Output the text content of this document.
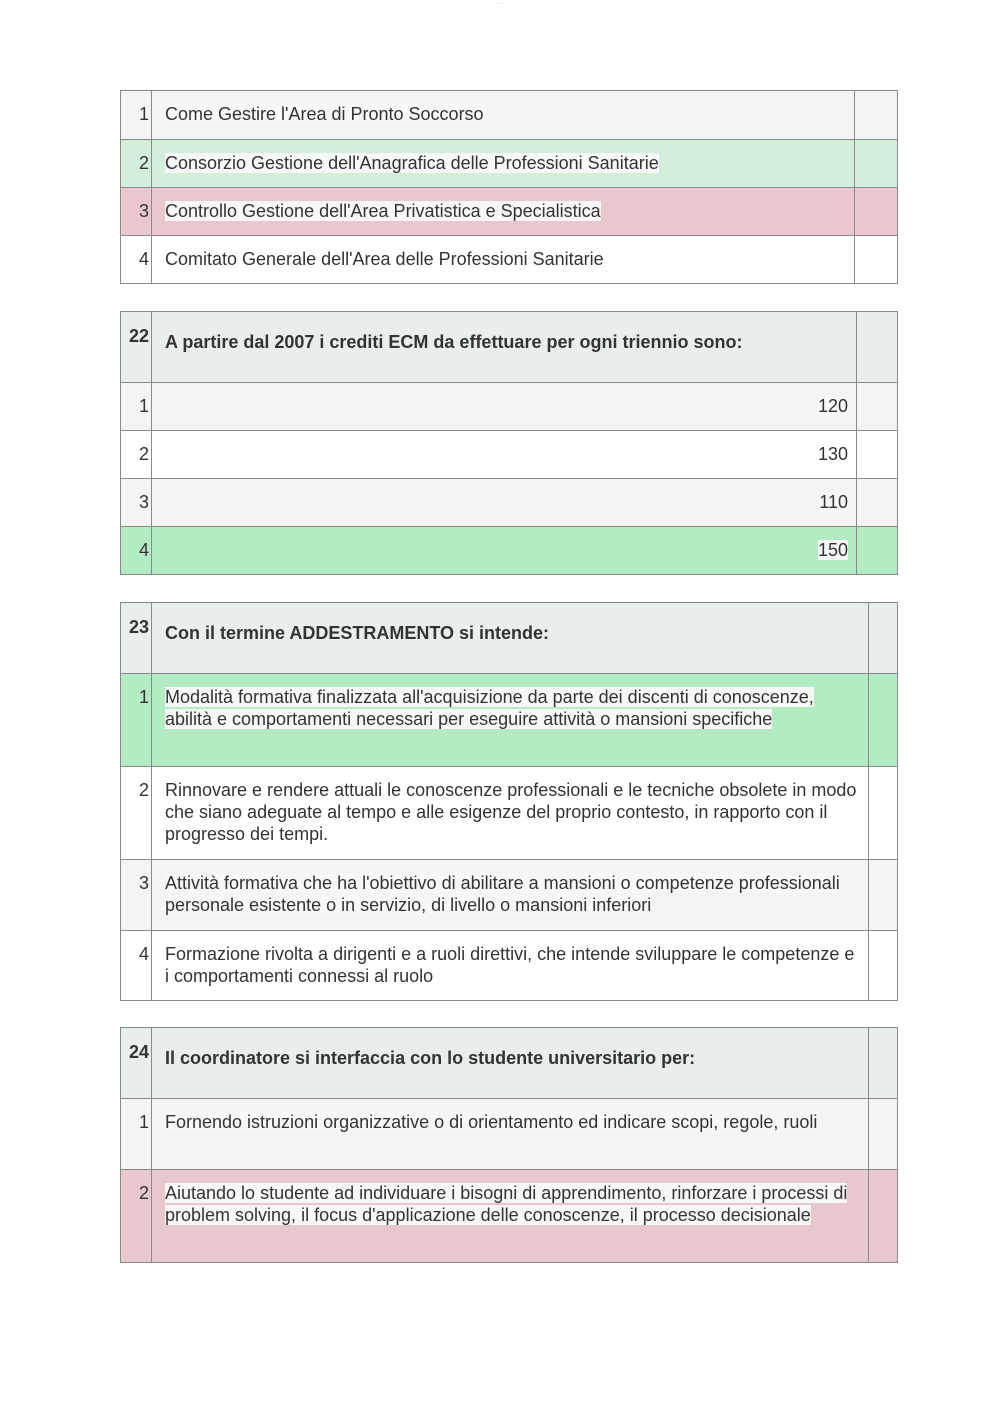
.....
1	Come Gestire l'Area di Pronto Soccorso	
2	Consorzio Gestione dell'Anagrafica delle Professioni Sanitarie	
3	Controllo Gestione dell'Area Privatistica e Specialistica	
4	Comitato Generale dell'Area delle Professioni Sanitarie	
22	A partire dal 2007 i crediti ECM da effettuare per ogni triennio sono:	
1	120	
2	130	
3	110	
4	150	
23	Con il termine ADDESTRAMENTO si intende:	
1	Modalità formativa finalizzata all'acquisizione da parte dei discenti di conoscenze, abilità e comportamenti necessari per eseguire attività o mansioni specifiche	
2	Rinnovare e rendere attuali le conoscenze professionali e le tecniche obsolete in modo che siano adeguate al tempo e alle esigenze del proprio contesto, in rapporto con il progresso dei tempi.	
3	Attività formativa che ha l'obiettivo di abilitare a mansioni o competenze professionali personale esistente o in servizio, di livello o mansioni inferiori	
4	Formazione rivolta a dirigenti e a ruoli direttivi, che intende sviluppare le competenze e i comportamenti connessi al ruolo	
24	Il coordinatore si interfaccia con lo studente universitario per:	
1	Fornendo istruzioni organizzative o di orientamento ed indicare scopi, regole, ruoli	
2	Aiutando lo studente ad individuare i bisogni di apprendimento, rinforzare i processi di problem solving, il focus d'applicazione delle conoscenze, il processo decisionale	
